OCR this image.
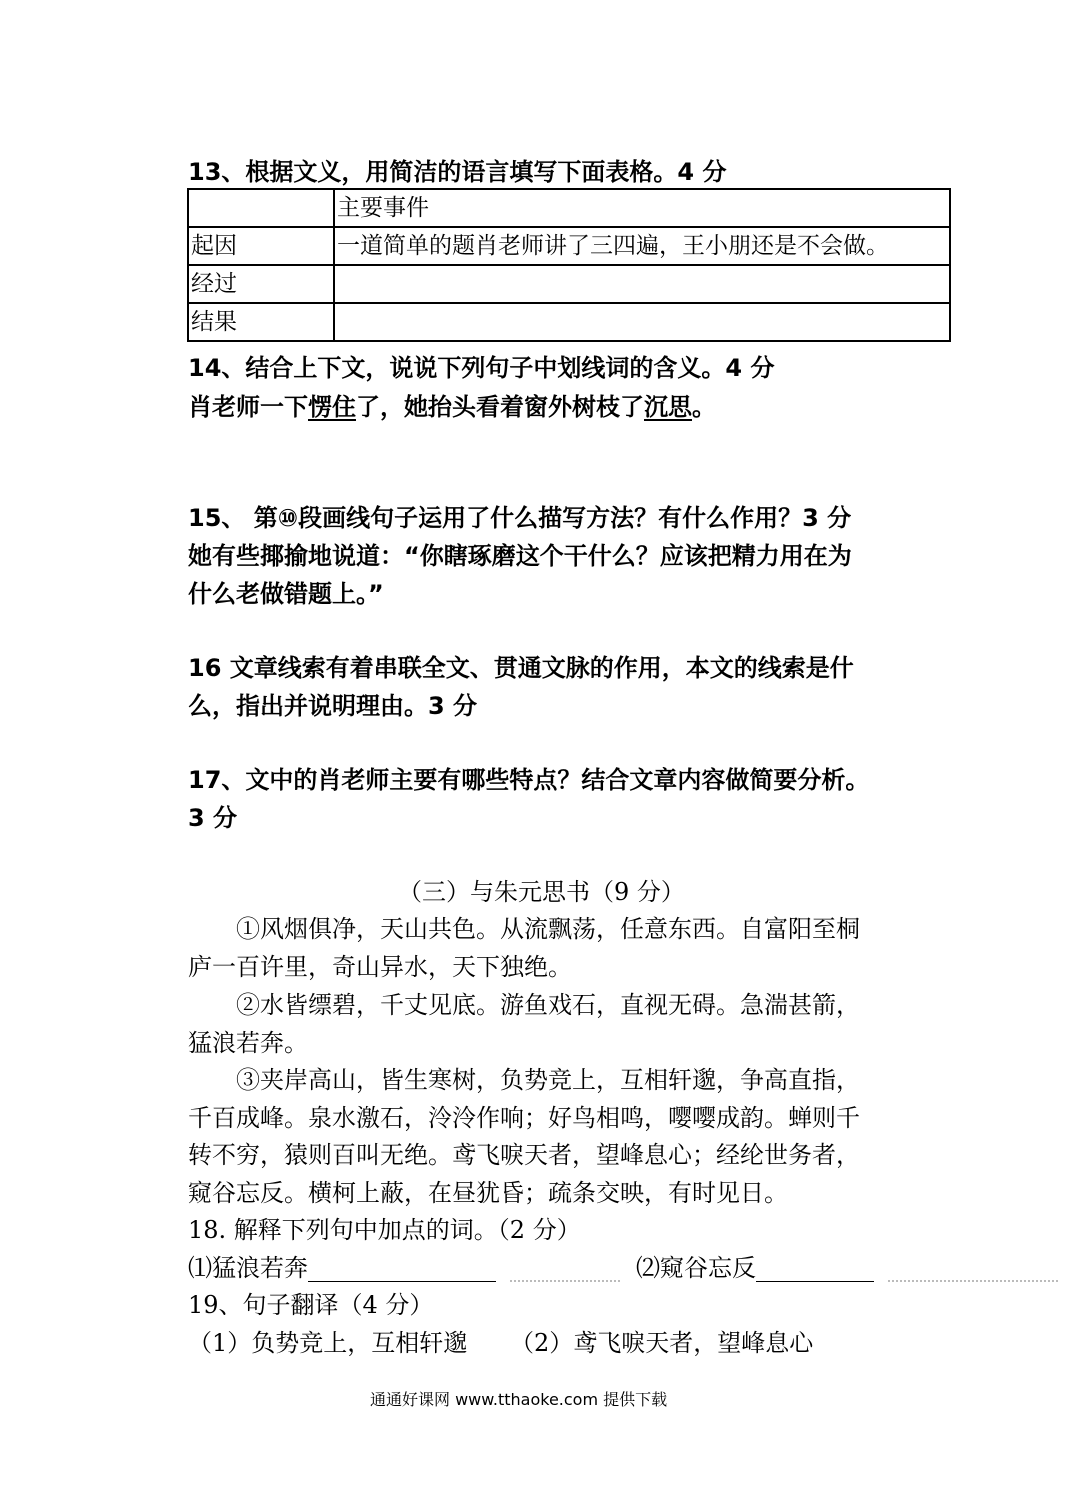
13、根据文义，用简洁的语言填写下面表格。4 分
	主要事件
起因	一道简单的题肖老师讲了三四遍，王小朋还是不会做。
经过	
结果	
14、结合上下文，说说下列句子中划线词的含义。4 分
肖老师一下愣住了，她抬头看着窗外树枝了沉思。
15、 第⑩段画线句子运用了什么描写方法？有什么作用？3 分
她有些揶揄地说道：“你瞎琢磨这个干什么？应该把精力用在为
什么老做错题上。”
16 文章线索有着串联全文、贯通文脉的作用，本文的线索是什
么，指出并说明理由。3 分
17、文中的肖老师主要有哪些特点？结合文章内容做简要分析。
3 分
（三）与朱元思书（9 分）
①风烟俱净，天山共色。从流飘荡，任意东西。自富阳至桐
庐一百许里，奇山异水，天下独绝。
②水皆缥碧，千丈见底。游鱼戏石，直视无碍。急湍甚箭，
猛浪若奔。
③夹岸高山，皆生寒树，负势竞上，互相轩邈，争高直指，
千百成峰。泉水激石，泠泠作响；好鸟相鸣，嘤嘤成韵。蝉则千
转不穷，猿则百叫无绝。鸢飞唳天者，望峰息心；经纶世务者，
窥谷忘反。横柯上蔽，在昼犹昏；疏条交映，有时见日。
18. 解释下列句中加点的词。（2 分）
⑴猛浪若奔	⑵窥谷忘反
19、句子翻译（4 分）
（1）负势竞上，互相轩邈 （2）鸢飞唳天者，望峰息心
通通好课网 www.tthaoke.com 提供下载
